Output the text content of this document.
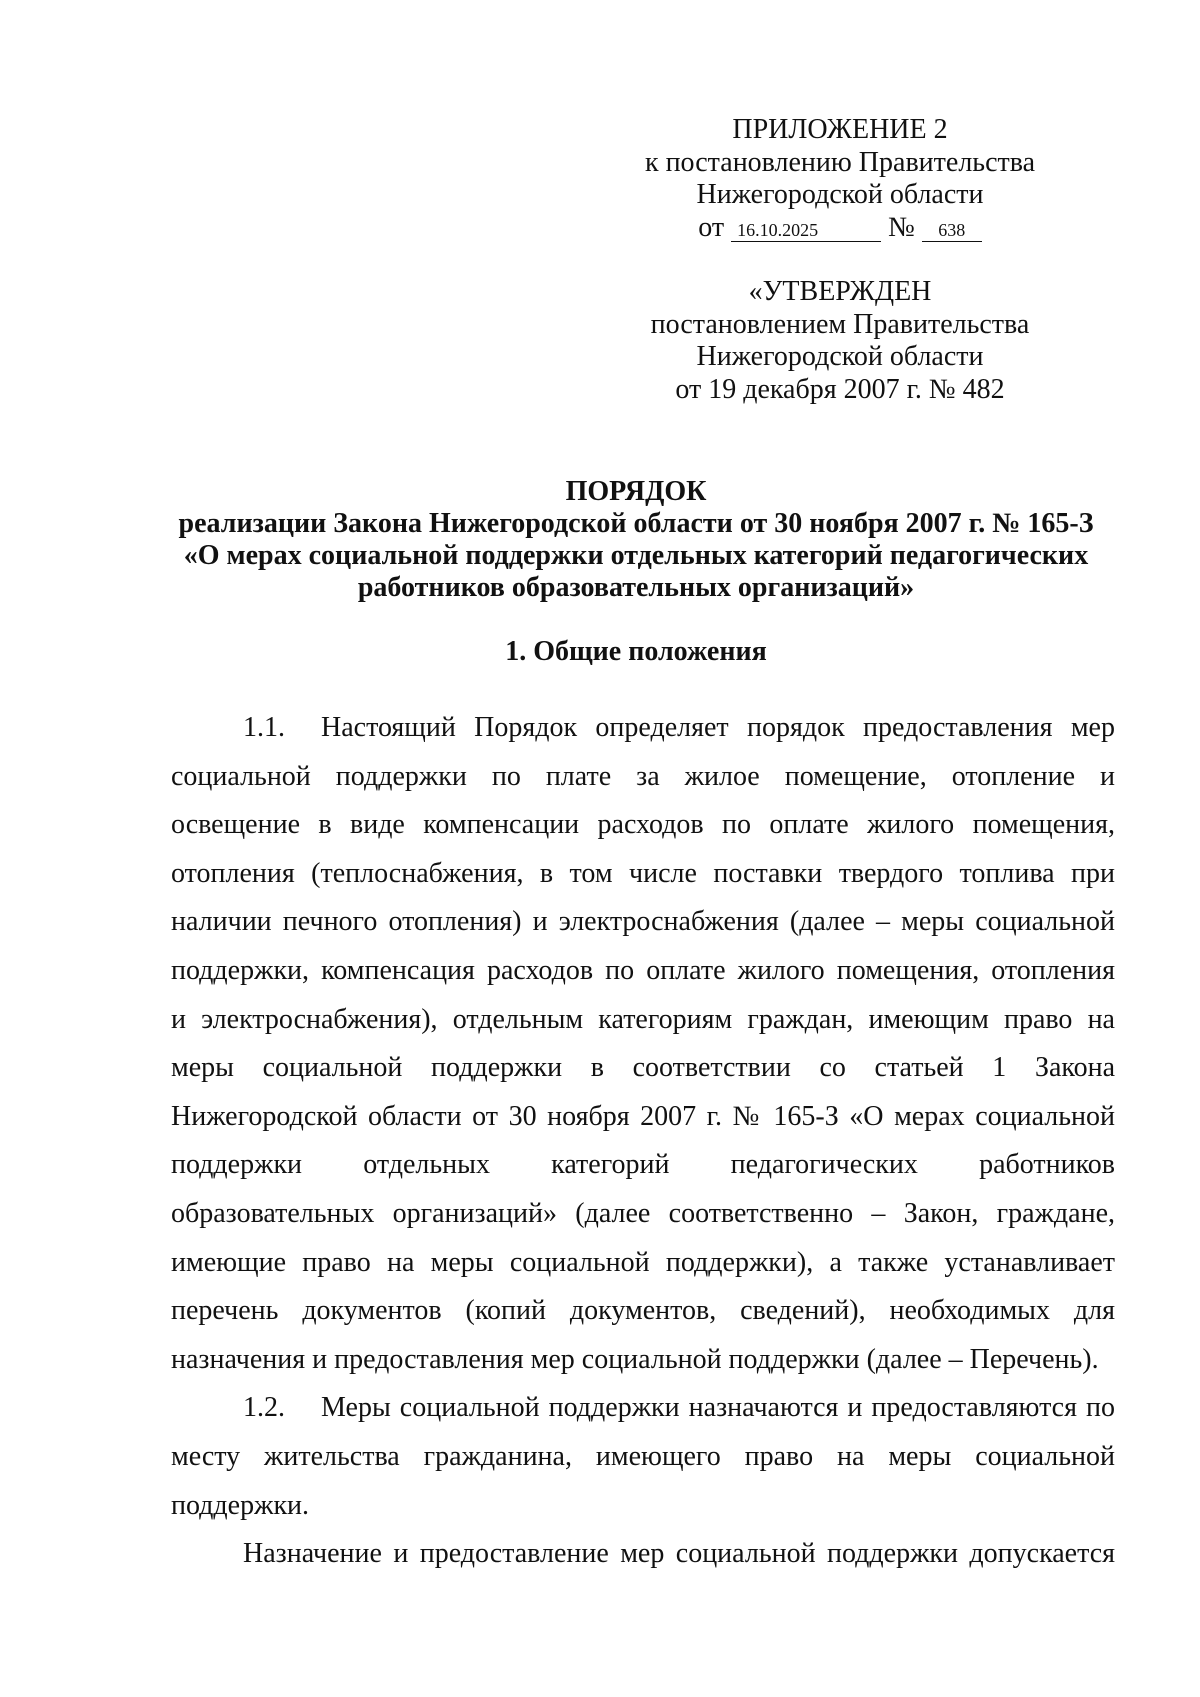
ПРИЛОЖЕНИЕ 2
к постановлению Правительства
Нижегородской области
от 16.10.2025	№ 638
«УТВЕРЖДЕН
постановлением Правительства
Нижегородской области
от 19 декабря 2007 г. № 482
ПОРЯДОК
реализации Закона Нижегородской области от 30 ноября 2007 г. № 165-З
«О мерах социальной поддержки отдельных категорий педагогических
работников образовательных организаций»
1. Общие положения
1.1. Настоящий Порядок определяет порядок предоставления мер
социальной поддержки по плате за жилое помещение, отопление и
освещение в виде компенсации расходов по оплате жилого помещения,
отопления (теплоснабжения, в том числе поставки твердого топлива при
наличии печного отопления) и электроснабжения (далее – меры социальной
поддержки, компенсация расходов по оплате жилого помещения, отопления
и электроснабжения), отдельным категориям граждан, имеющим право на
меры социальной поддержки в соответствии со статьей 1 Закона
Нижегородской области от 30 ноября 2007 г. № 165-З «О мерах социальной
поддержки отдельных категорий педагогических работников
образовательных организаций» (далее соответственно – Закон, граждане,
имеющие право на меры социальной поддержки), а также устанавливает
перечень документов (копий документов, сведений), необходимых для
назначения и предоставления мер социальной поддержки (далее – Перечень).
1.2. Меры социальной поддержки назначаются и предоставляются по
месту жительства гражданина, имеющего право на меры социальной
поддержки.
Назначение и предоставление мер социальной поддержки допускается
